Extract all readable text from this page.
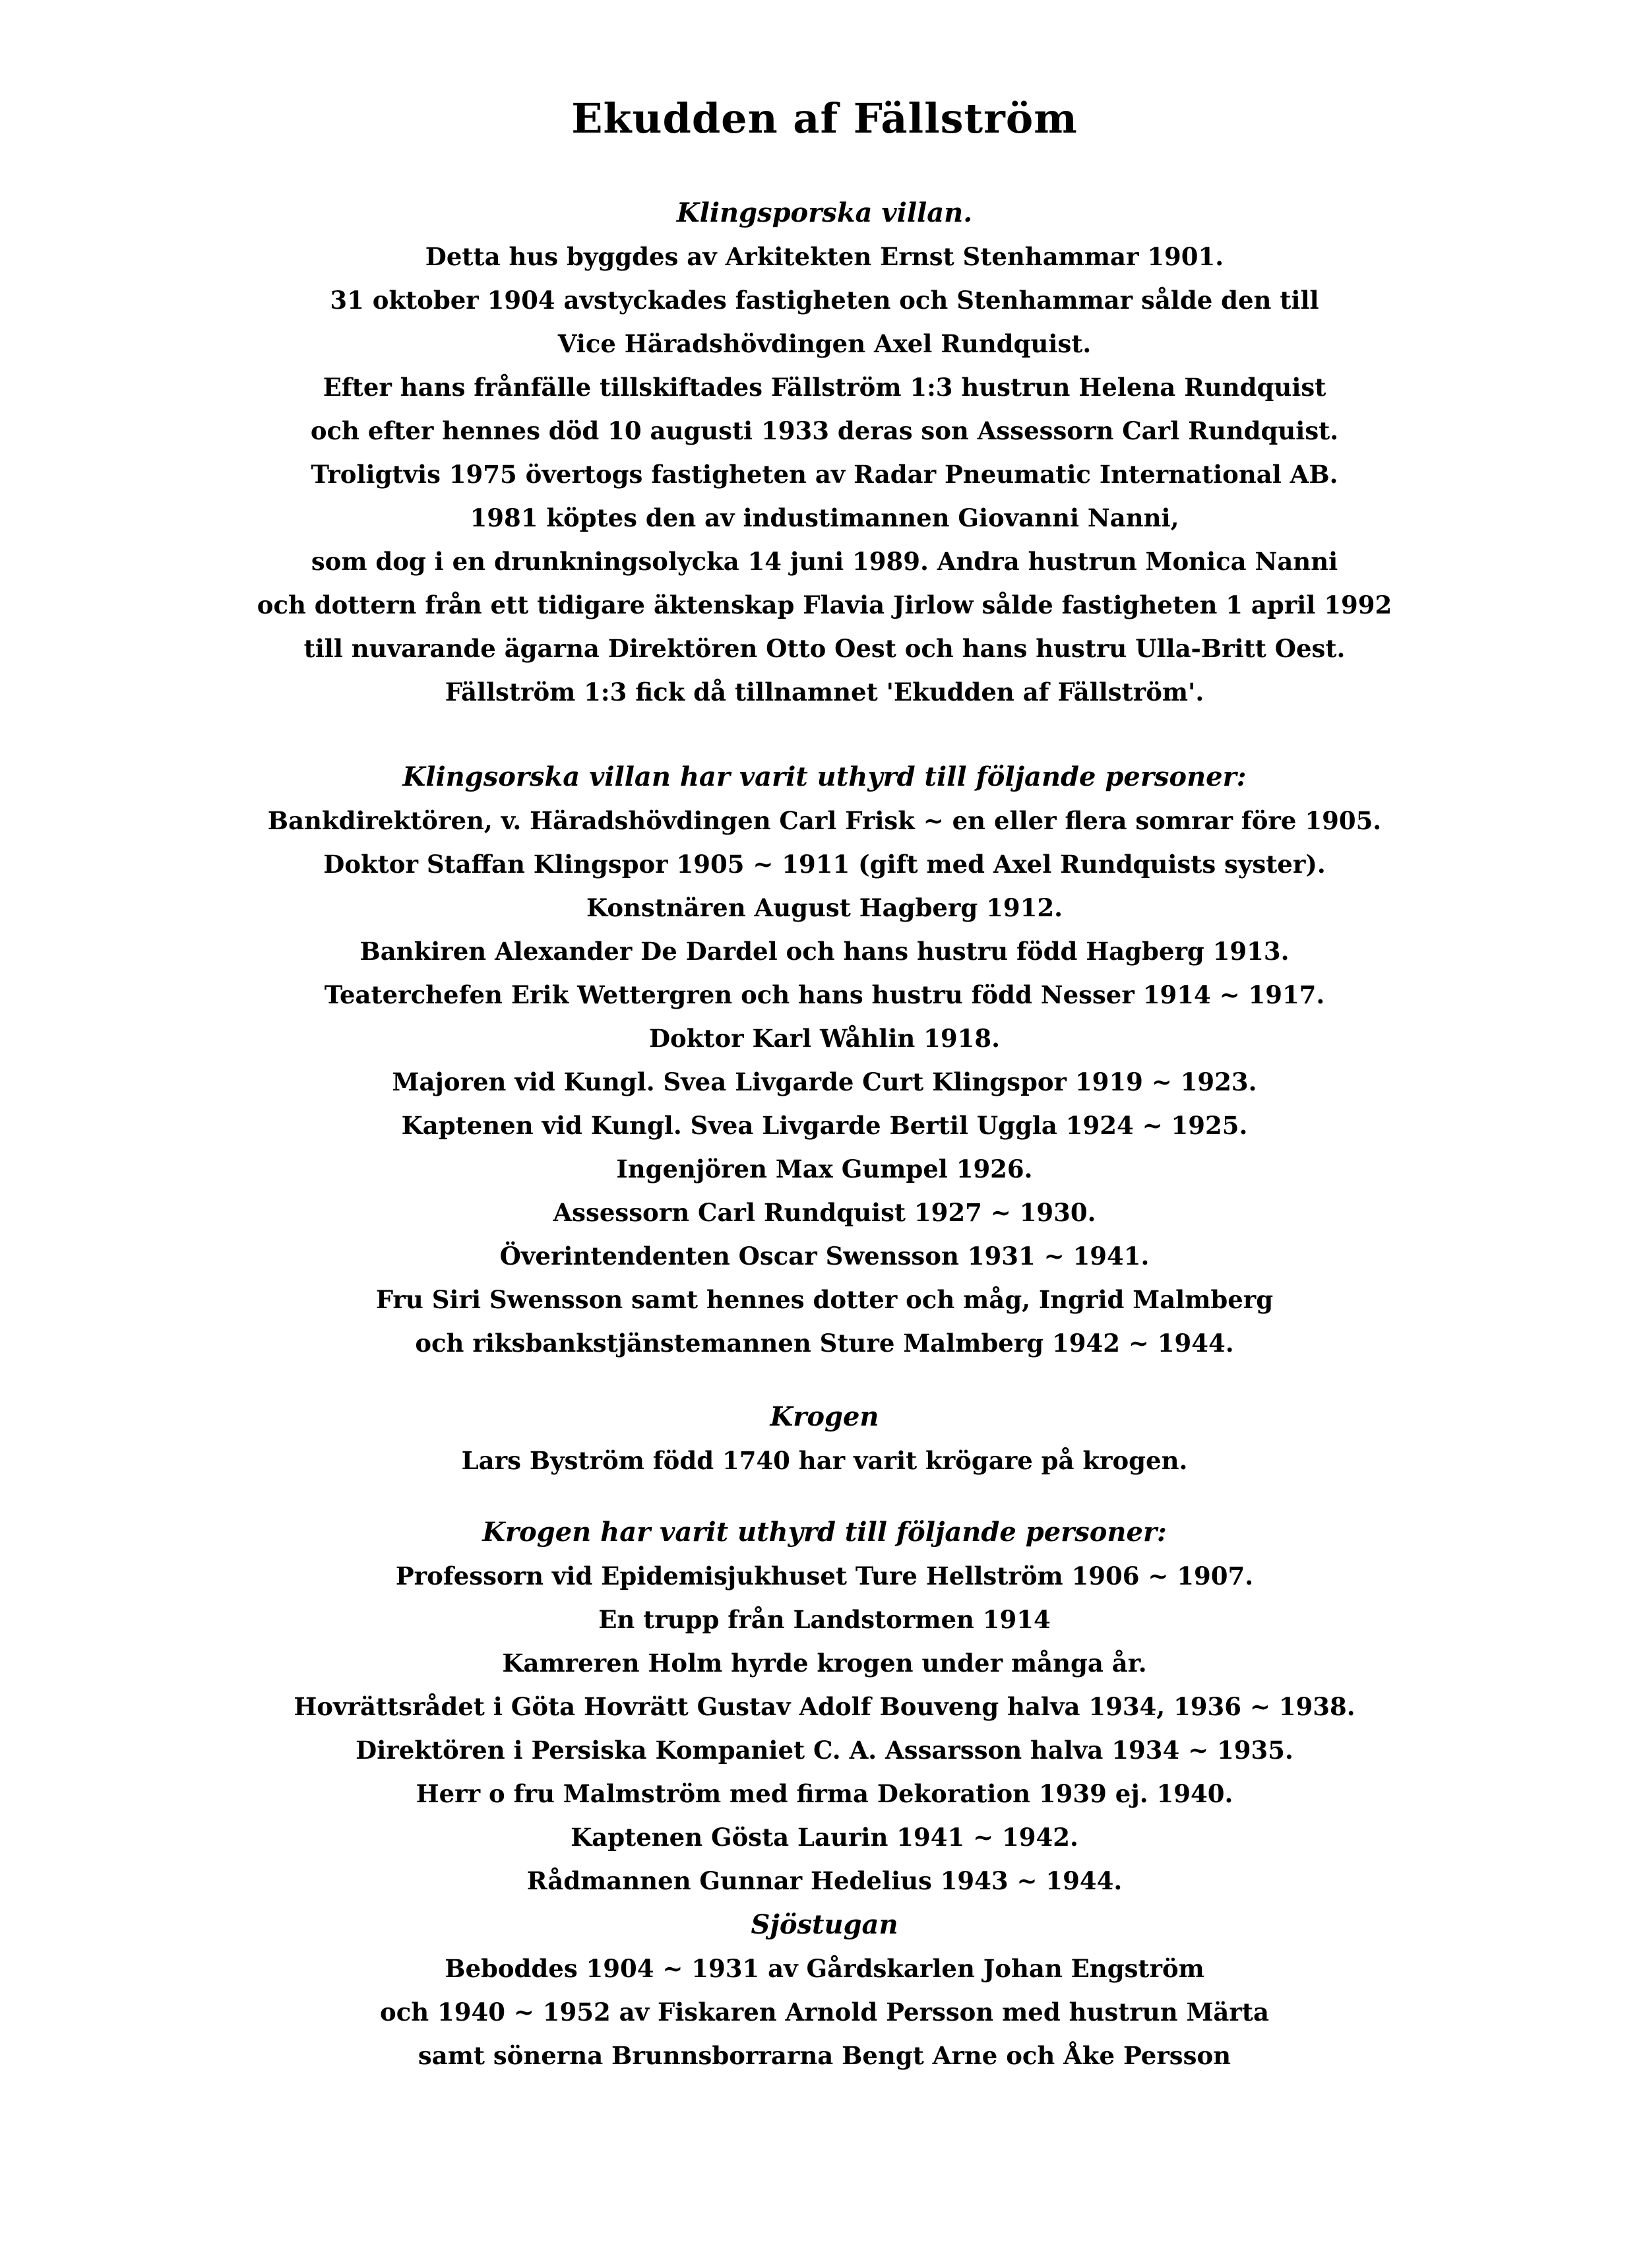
Ekudden af Fällström
Klingsporska villan.
Detta hus byggdes av Arkitekten Ernst Stenhammar 1901.
31 oktober 1904 avstyckades fastigheten och Stenhammar sålde den till
Vice Häradshövdingen Axel Rundquist.
Efter hans frånfälle tillskiftades Fällström 1:3 hustrun Helena Rundquist
och efter hennes död 10 augusti 1933 deras son Assessorn Carl Rundquist.
Troligtvis 1975 övertogs fastigheten av Radar Pneumatic International AB.
1981 köptes den av industimannen Giovanni Nanni,
som dog i en drunkningsolycka 14 juni 1989. Andra hustrun Monica Nanni
och dottern från ett tidigare äktenskap Flavia Jirlow sålde fastigheten 1 april 1992
till nuvarande ägarna Direktören Otto Oest och hans hustru Ulla-Britt Oest.
Fällström 1:3 fick då tillnamnet 'Ekudden af Fällström'.
Klingsorska villan har varit uthyrd till följande personer:
Bankdirektören, v. Häradshövdingen Carl Frisk ~ en eller flera somrar före 1905.
Doktor Staffan Klingspor 1905 ~ 1911 (gift med Axel Rundquists syster).
Konstnären August Hagberg 1912.
Bankiren Alexander De Dardel och hans hustru född Hagberg 1913.
Teaterchefen Erik Wettergren och hans hustru född Nesser 1914 ~ 1917.
Doktor Karl Wåhlin 1918.
Majoren vid Kungl. Svea Livgarde Curt Klingspor 1919 ~ 1923.
Kaptenen vid Kungl. Svea Livgarde Bertil Uggla 1924 ~ 1925.
Ingenjören Max Gumpel 1926.
Assessorn Carl Rundquist 1927 ~ 1930.
Överintendenten Oscar Swensson 1931 ~ 1941.
Fru Siri Swensson samt hennes dotter och måg, Ingrid Malmberg
och riksbankstjänstemannen Sture Malmberg 1942 ~ 1944.
Krogen
Lars Byström född 1740 har varit krögare på krogen.
Krogen har varit uthyrd till följande personer:
Professorn vid Epidemisjukhuset Ture Hellström 1906 ~ 1907.
En trupp från Landstormen 1914
Kamreren Holm hyrde krogen under många år.
Hovrättsrådet i Göta Hovrätt Gustav Adolf Bouveng halva 1934, 1936 ~ 1938.
Direktören i Persiska Kompaniet C. A. Assarsson halva 1934 ~ 1935.
Herr o fru Malmström med firma Dekoration 1939 ej. 1940.
Kaptenen Gösta Laurin 1941 ~ 1942.
Rådmannen Gunnar Hedelius 1943 ~ 1944.
Sjöstugan
Beboddes 1904 ~ 1931 av Gårdskarlen Johan Engström
och 1940 ~ 1952 av Fiskaren Arnold Persson med hustrun Märta
samt sönerna Brunnsborrarna Bengt Arne och Åke Persson
